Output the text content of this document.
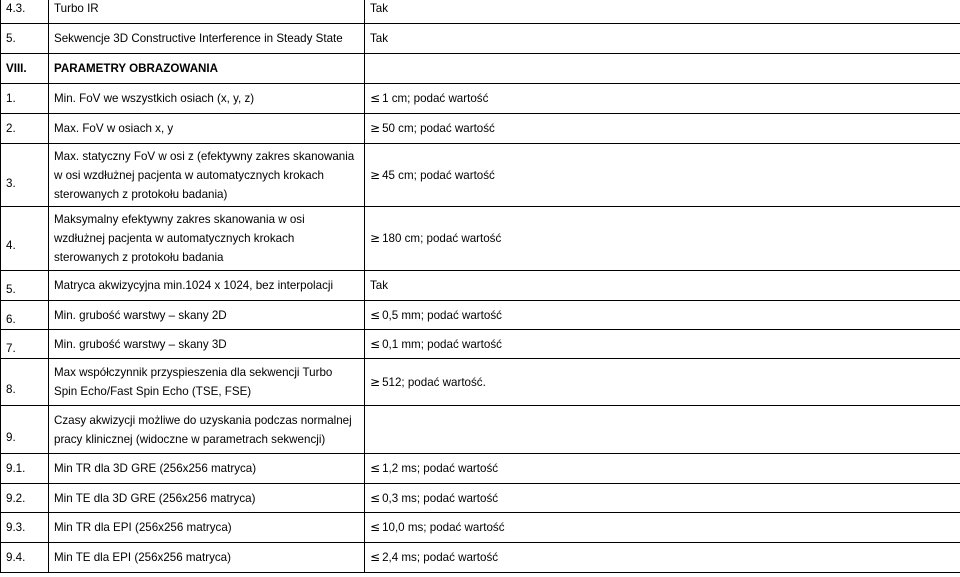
4.3.	Turbo IR	Tak
5.	Sekwencje 3D Constructive Interference in Steady State	Tak
VIII.	PARAMETRY OBRAZOWANIA	
1.	Min. FoV we wszystkich osiach (x, y, z)	≤ 1 cm; podać wartość
2.	Max. FoV w osiach x, y	≥ 50 cm; podać wartość
3.	Max. statyczny FoV w osi z (efektywny zakres skanowania w osi wzdłużnej pacjenta w automatycznych krokach sterowanych z protokołu badania)	≥ 45 cm; podać wartość
4.	Maksymalny efektywny zakres skanowania w osi wzdłużnej pacjenta w automatycznych krokach sterowanych z protokołu badania	≥ 180 cm; podać wartość
5.	Matryca akwizycyjna min.1024 x 1024, bez interpolacji	Tak
6.	Min. grubość warstwy – skany 2D	≤ 0,5 mm; podać wartość
7.	Min. grubość warstwy – skany 3D	≤ 0,1 mm; podać wartość
8.	Max współczynnik przyspieszenia dla sekwencji Turbo Spin Echo/Fast Spin Echo (TSE, FSE)	≥ 512; podać wartość.
9.	Czasy akwizycji możliwe do uzyskania podczas normalnej pracy klinicznej (widoczne w parametrach sekwencji)	
9.1.	Min TR dla 3D GRE (256x256 matryca)	≤ 1,2 ms; podać wartość
9.2.	Min TE dla 3D GRE (256x256 matryca)	≤ 0,3 ms; podać wartość
9.3.	Min TR dla EPI (256x256 matryca)	≤ 10,0 ms; podać wartość
9.4.	Min TE dla EPI (256x256 matryca)	≤ 2,4 ms; podać wartość
